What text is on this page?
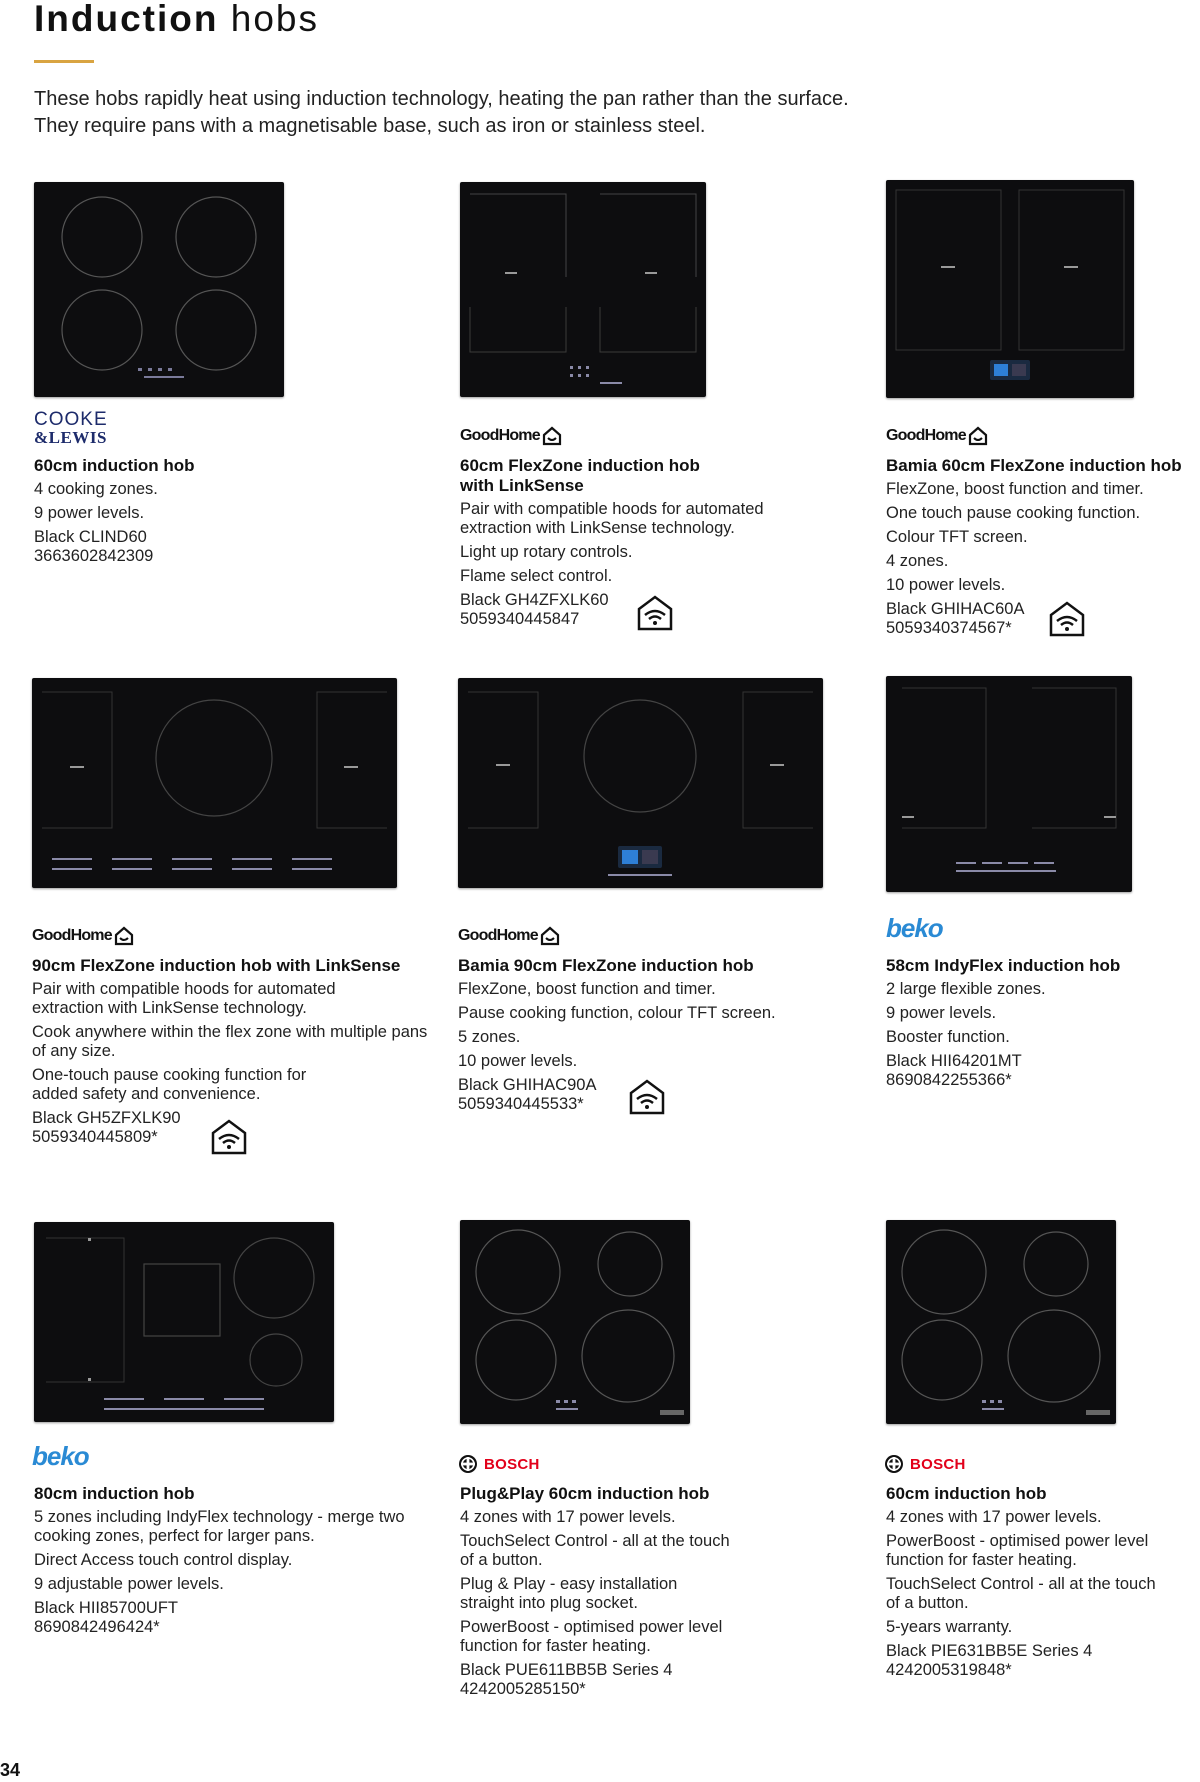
Induction hobs
These hobs rapidly heat using induction technology, heating the pan rather than the surface.
They require pans with a magnetisable base, such as iron or stainless steel.
COOKE
&LEWIS
60cm induction hob
4 cooking zones.
9 power levels.
Black CLIND60
3663602842309
GoodHome
60cm FlexZone induction hob with LinkSense
Pair with compatible hoods for automated extraction with LinkSense technology.
Light up rotary controls.
Flame select control.
Black GH4ZFXLK60
5059340445847
GoodHome
Bamia 60cm FlexZone induction hob
FlexZone, boost function and timer.
One touch pause cooking function.
Colour TFT screen.
4 zones.
10 power levels.
Black GHIHAC60A
5059340374567*
GoodHome
90cm FlexZone induction hob with LinkSense
Pair with compatible hoods for automated extraction with LinkSense technology.
Cook anywhere within the flex zone with multiple pans of any size.
One-touch pause cooking function for added safety and convenience.
Black GH5ZFXLK90
5059340445809*
GoodHome
Bamia 90cm FlexZone induction hob
FlexZone, boost function and timer.
Pause cooking function, colour TFT screen.
5 zones.
10 power levels.
Black GHIHAC90A
5059340445533*
beko
58cm IndyFlex induction hob
2 large flexible zones.
9 power levels.
Booster function.
Black HII64201MT
8690842255366*
beko
80cm induction hob
5 zones including IndyFlex technology - merge two cooking zones, perfect for larger pans.
Direct Access touch control display.
9 adjustable power levels.
Black HII85700UFT
8690842496424*
BOSCH
Plug&Play 60cm induction hob
4 zones with 17 power levels.
TouchSelect Control - all at the touch of a button.
Plug & Play - easy installation straight into plug socket.
PowerBoost - optimised power level function for faster heating.
Black PUE611BB5B Series 4
4242005285150*
BOSCH
60cm induction hob
4 zones with 17 power levels.
PowerBoost - optimised power level function for faster heating.
TouchSelect Control - all at the touch of a button.
5-years warranty.
Black PIE631BB5E Series 4
4242005319848*
34
